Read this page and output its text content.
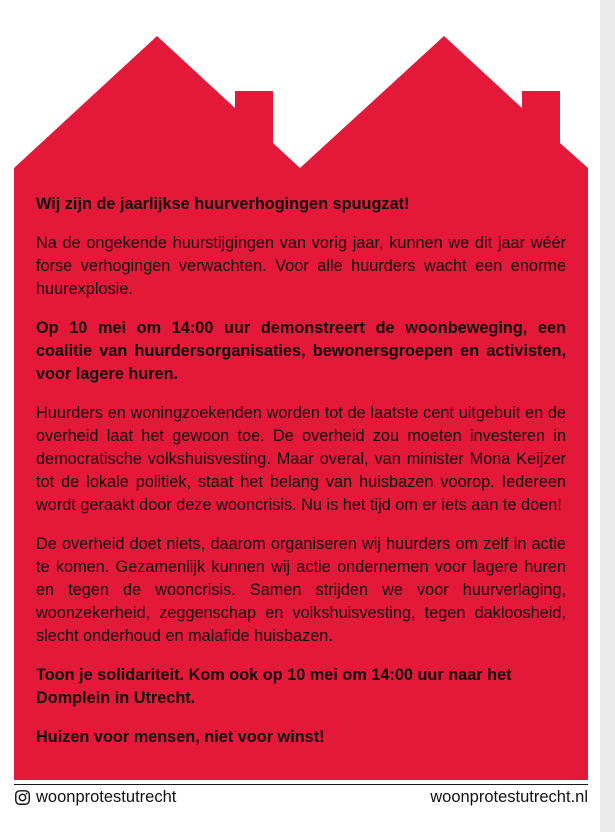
Wij zijn de jaarlijkse huurverhogingen spuugzat!

Na de ongekende huurstijgingen van vorig jaar, kunnen we dit jaar wéér forse verhogingen verwachten. Voor alle huurders wacht een enorme huurexplosie.

Op 10 mei om 14:00 uur demonstreert de woonbeweging, een coalitie van huurdersorganisaties, bewonersgroepen en activisten, voor lagere huren.

Huurders en woningzoekenden worden tot de laatste cent uitgebuit en de overheid laat het gewoon toe. De overheid zou moeten investeren in democratische volkshuisvesting. Maar overal, van minister Mona Keijzer tot de lokale politiek, staat het belang van huisbazen voorop. Iedereen wordt geraakt door deze wooncrisis. Nu is het tijd om er iets aan te doen!

De overheid doet niets, daarom organiseren wij huurders om zelf in actie te komen. Gezamenlijk kunnen wij actie ondernemen voor lagere huren en tegen de wooncrisis. Samen strijden we voor huurverlaging, woonzekerheid, zeggenschap en volkshuisvesting, tegen dakloosheid, slecht onderhoud en malafide huisbazen.

Toon je solidariteit. Kom ook op 10 mei om 14:00 uur naar het Domplein in Utrecht.

Huizen voor mensen, niet voor winst!

woonprotestutrecht	woonprotestutrecht.nl
